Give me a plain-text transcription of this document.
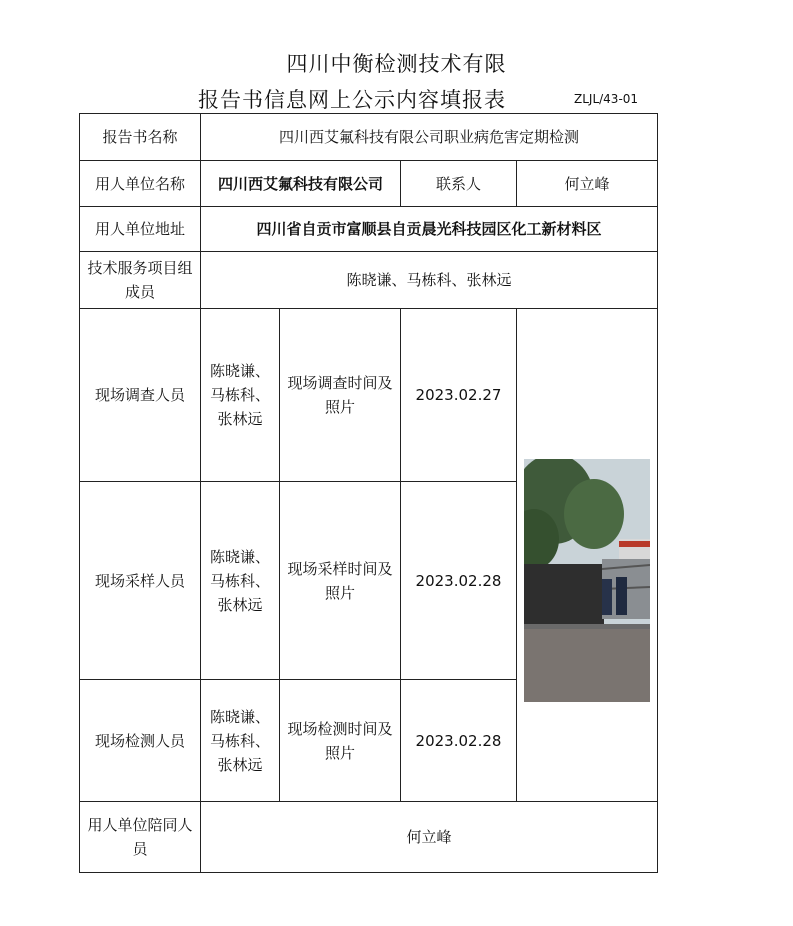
四川中衡检测技术有限
报告书信息网上公示内容填报表	ZLJL/43-01
报告书名称	四川西艾氟科技有限公司职业病危害定期检测			
用人单位名称	四川西艾氟科技有限公司		联系人	何立峰
用人单位地址	四川省自贡市富顺县自贡晨光科技园区化工新材料区			
技术服务项目组成员	陈晓谦、马栋科、张林远			
现场调查人员	陈晓谦、马栋科、张林远	现场调查时间及照片	2023.02.27	

现场采样人员	陈晓谦、马栋科、张林远	现场采样时间及照片	2023.02.28	
现场检测人员	陈晓谦、马栋科、张林远	现场检测时间及照片	2023.02.28	
用人单位陪同人员	何立峰			
